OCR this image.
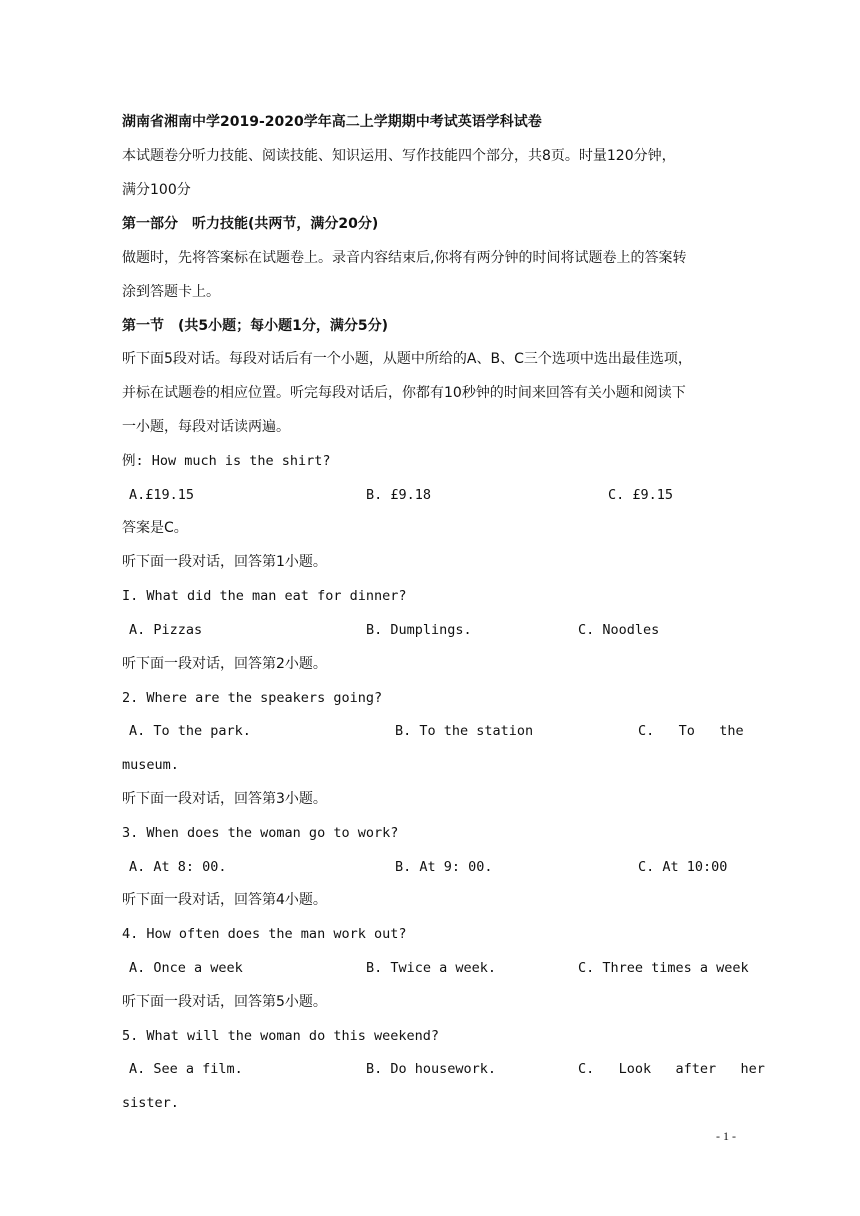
湖南省湘南中学2019-2020学年高二上学期期中考试英语学科试卷
本试题卷分听力技能、阅读技能、知识运用、写作技能四个部分，共8页。时量120分钟，
满分100分
第一部分　听力技能(共两节，满分20分)
做题时，先将答案标在试题卷上。录音内容结束后,你将有两分钟的时间将试题卷上的答案转
涂到答题卡上。
第一节　(共5小题；每小题1分，满分5分)
听下面5段对话。每段对话后有一个小题，从题中所给的A、B、C三个选项中选出最佳选项，
并标在试题卷的相应位置。听完每段对话后，你都有10秒钟的时间来回答有关小题和阅读下
一小题，每段对话读两遍。
例: How much is the shirt?
A.£19.15	B. £9.18	C. £9.15
答案是C。
听下面一段对话，回答第1小题。
I. What did the man eat for dinner?
A. Pizzas	B. Dumplings.	C. Noodles
听下面一段对话，回答第2小题。
2. Where are the speakers going?
A. To the park.	B. To the station	C.   To   the
museum.
听下面一段对话，回答第3小题。
3. When does the woman go to work?
A. At 8: 00.	B. At 9: 00.	C. At 10:00
听下面一段对话，回答第4小题。
4. How often does the man work out?
A. Once a week	B. Twice a week.	C. Three times a week
听下面一段对话，回答第5小题。
5. What will the woman do this weekend?
A. See a film.	B. Do housework.	C.   Look   after   her
sister.
- 1 -
